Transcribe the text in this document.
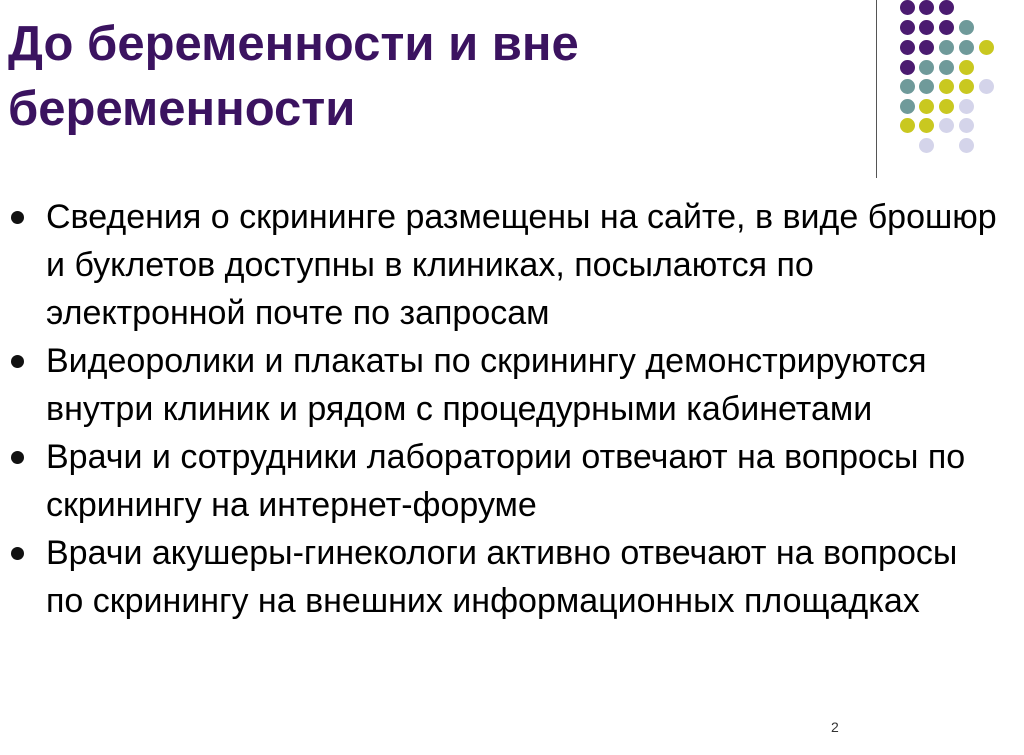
До беременности и вне беременности
Сведения о скрининге размещены на сайте, в виде брошюр и буклетов доступны в клиниках, посылаются по электронной почте по запросам
Видеоролики и плакаты по скринингу демонстрируются внутри клиник и рядом с процедурными кабинетами
Врачи и сотрудники лаборатории отвечают на вопросы по скринингу на интернет-форуме
Врачи акушеры-гинекологи активно отвечают на вопросы по скринингу на внешних информационных площадках
2
